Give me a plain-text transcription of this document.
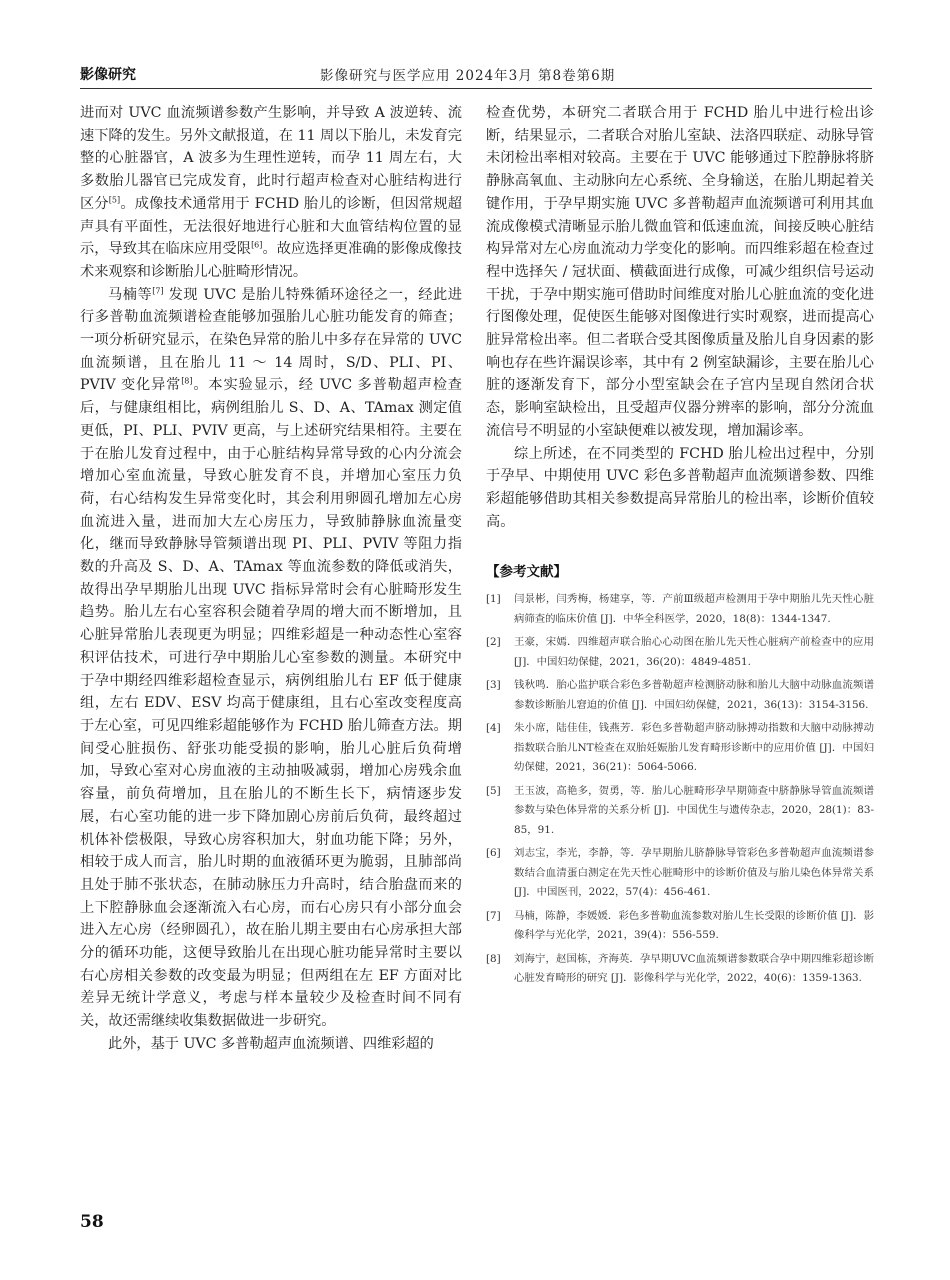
影像研究	影像研究与医学应用 2024年3月 第8卷第6期

进而对 UVC 血流频谱参数产生影响，并导致 A 波逆转、流速下降的发生。另外文献报道，在 11 周以下胎儿，未发育完整的心脏器官，A 波多为生理性逆转，而孕 11 周左右，大多数胎儿器官已完成发育，此时行超声检查对心脏结构进行区分[5]。成像技术通常用于 FCHD 胎儿的诊断，但因常规超声具有平面性，无法很好地进行心脏和大血管结构位置的显示，导致其在临床应用受限[6]。故应选择更准确的影像成像技术来观察和诊断胎儿心脏畸形情况。

马楠等[7] 发现 UVC 是胎儿特殊循环途径之一，经此进行多普勒血流频谱检查能够加强胎儿心脏功能发育的筛查；一项分析研究显示，在染色异常的胎儿中多存在异常的 UVC 血流频谱，且在胎儿 11 ～ 14 周时，S/D、PLI、PI、PVIV 变化异常[8]。本实验显示，经 UVC 多普勒超声检查后，与健康组相比，病例组胎儿 S、D、A、TAmax 测定值更低，PI、PLI、PVIV 更高，与上述研究结果相符。主要在于在胎儿发育过程中，由于心脏结构异常导致的心内分流会增加心室血流量，导致心脏发育不良，并增加心室压力负荷，右心结构发生异常变化时，其会利用卵圆孔增加左心房血流进入量，进而加大左心房压力，导致肺静脉血流量变化，继而导致静脉导管频谱出现 PI、PLI、PVIV 等阻力指数的升高及 S、D、A、TAmax 等血流参数的降低或消失，故得出孕早期胎儿出现 UVC 指标异常时会有心脏畸形发生趋势。胎儿左右心室容积会随着孕周的增大而不断增加，且心脏异常胎儿表现更为明显；四维彩超是一种动态性心室容积评估技术，可进行孕中期胎儿心室参数的测量。本研究中于孕中期经四维彩超检查显示，病例组胎儿右 EF 低于健康组，左右 EDV、ESV 均高于健康组，且右心室改变程度高于左心室，可见四维彩超能够作为 FCHD 胎儿筛查方法。期间受心脏损伤、舒张功能受损的影响，胎儿心脏后负荷增加，导致心室对心房血液的主动抽吸减弱，增加心房残余血容量，前负荷增加，且在胎儿的不断生长下，病情逐步发展，右心室功能的进一步下降加剧心房前后负荷，最终超过机体补偿极限，导致心房容积加大，射血功能下降；另外，相较于成人而言，胎儿时期的血液循环更为脆弱，且肺部尚且处于肺不张状态，在肺动脉压力升高时，结合胎盘而来的上下腔静脉血会逐渐流入右心房，而右心房只有小部分血会进入左心房（经卵圆孔），故在胎儿期主要由右心房承担大部分的循环功能，这便导致胎儿在出现心脏功能异常时主要以右心房相关参数的改变最为明显；但两组在左 EF 方面对比差异无统计学意义，考虑与样本量较少及检查时间不同有关，故还需继续收集数据做进一步研究。

此外，基于 UVC 多普勒超声血流频谱、四维彩超的

检查优势，本研究二者联合用于 FCHD 胎儿中进行检出诊断，结果显示，二者联合对胎儿室缺、法洛四联症、动脉导管未闭检出率相对较高。主要在于 UVC 能够通过下腔静脉将脐静脉高氧血、主动脉向左心系统、全身输送，在胎儿期起着关键作用，于孕早期实施 UVC 多普勒超声血流频谱可利用其血流成像模式清晰显示胎儿微血管和低速血流，间接反映心脏结构异常对左心房血流动力学变化的影响。而四维彩超在检查过程中选择矢 / 冠状面、横截面进行成像，可减少组织信号运动干扰，于孕中期实施可借助时间维度对胎儿心脏血流的变化进行图像处理，促使医生能够对图像进行实时观察，进而提高心脏异常检出率。但二者联合受其图像质量及胎儿自身因素的影响也存在些许漏误诊率，其中有 2 例室缺漏诊，主要在胎儿心脏的逐渐发育下，部分小型室缺会在子宫内呈现自然闭合状态，影响室缺检出，且受超声仪器分辨率的影响，部分分流血流信号不明显的小室缺便难以被发现，增加漏诊率。

综上所述，在不同类型的 FCHD 胎儿检出过程中，分别于孕早、中期使用 UVC 彩色多普勒超声血流频谱参数、四维彩超能够借助其相关参数提高异常胎儿的检出率，诊断价值较高。

【参考文献】
[1]	闫景彬，闫秀梅，杨建享，等．产前Ⅲ级超声检测用于孕中期胎儿先天性心脏病筛查的临床价值 [J]．中华全科医学，2020，18(8)：1344-1347.
[2]	王豪，宋嫣．四维超声联合胎心心动图在胎儿先天性心脏病产前检查中的应用 [J]．中国妇幼保健，2021，36(20)：4849-4851.
[3]	钱秋鸣．胎心监护联合彩色多普勒超声检测脐动脉和胎儿大脑中动脉血流频谱参数诊断胎儿窘迫的价值 [J]．中国妇幼保健，2021，36(13)：3154-3156.
[4]	朱小席，陆佳佳，钱燕芳．彩色多普勒超声脐动脉搏动指数和大脑中动脉搏动指数联合胎儿NT检查在双胎妊娠胎儿发育畸形诊断中的应用价值 [J]．中国妇幼保健，2021，36(21)：5064-5066.
[5]	王玉波，高艳多，贺勇，等．胎儿心脏畸形孕早期筛查中脐静脉导管血流频谱参数与染色体异常的关系分析 [J]．中国优生与遗传杂志，2020，28(1)：83-85，91.
[6]	刘志宝，李光，李静，等．孕早期胎儿脐静脉导管彩色多普勒超声血流频谱参数结合血清蛋白测定在先天性心脏畸形中的诊断价值及与胎儿染色体异常关系 [J]．中国医刊，2022，57(4)：456-461.
[7]	马楠，陈静，李媛媛．彩色多普勒血流参数对胎儿生长受限的诊断价值 [J]．影像科学与光化学，2021，39(4)：556-559.
[8]	刘海宁，赵国栋，齐海英．孕早期UVC血流频谱参数联合孕中期四维彩超诊断心脏发育畸形的研究 [J]．影像科学与光化学，2022，40(6)：1359-1363.
58
